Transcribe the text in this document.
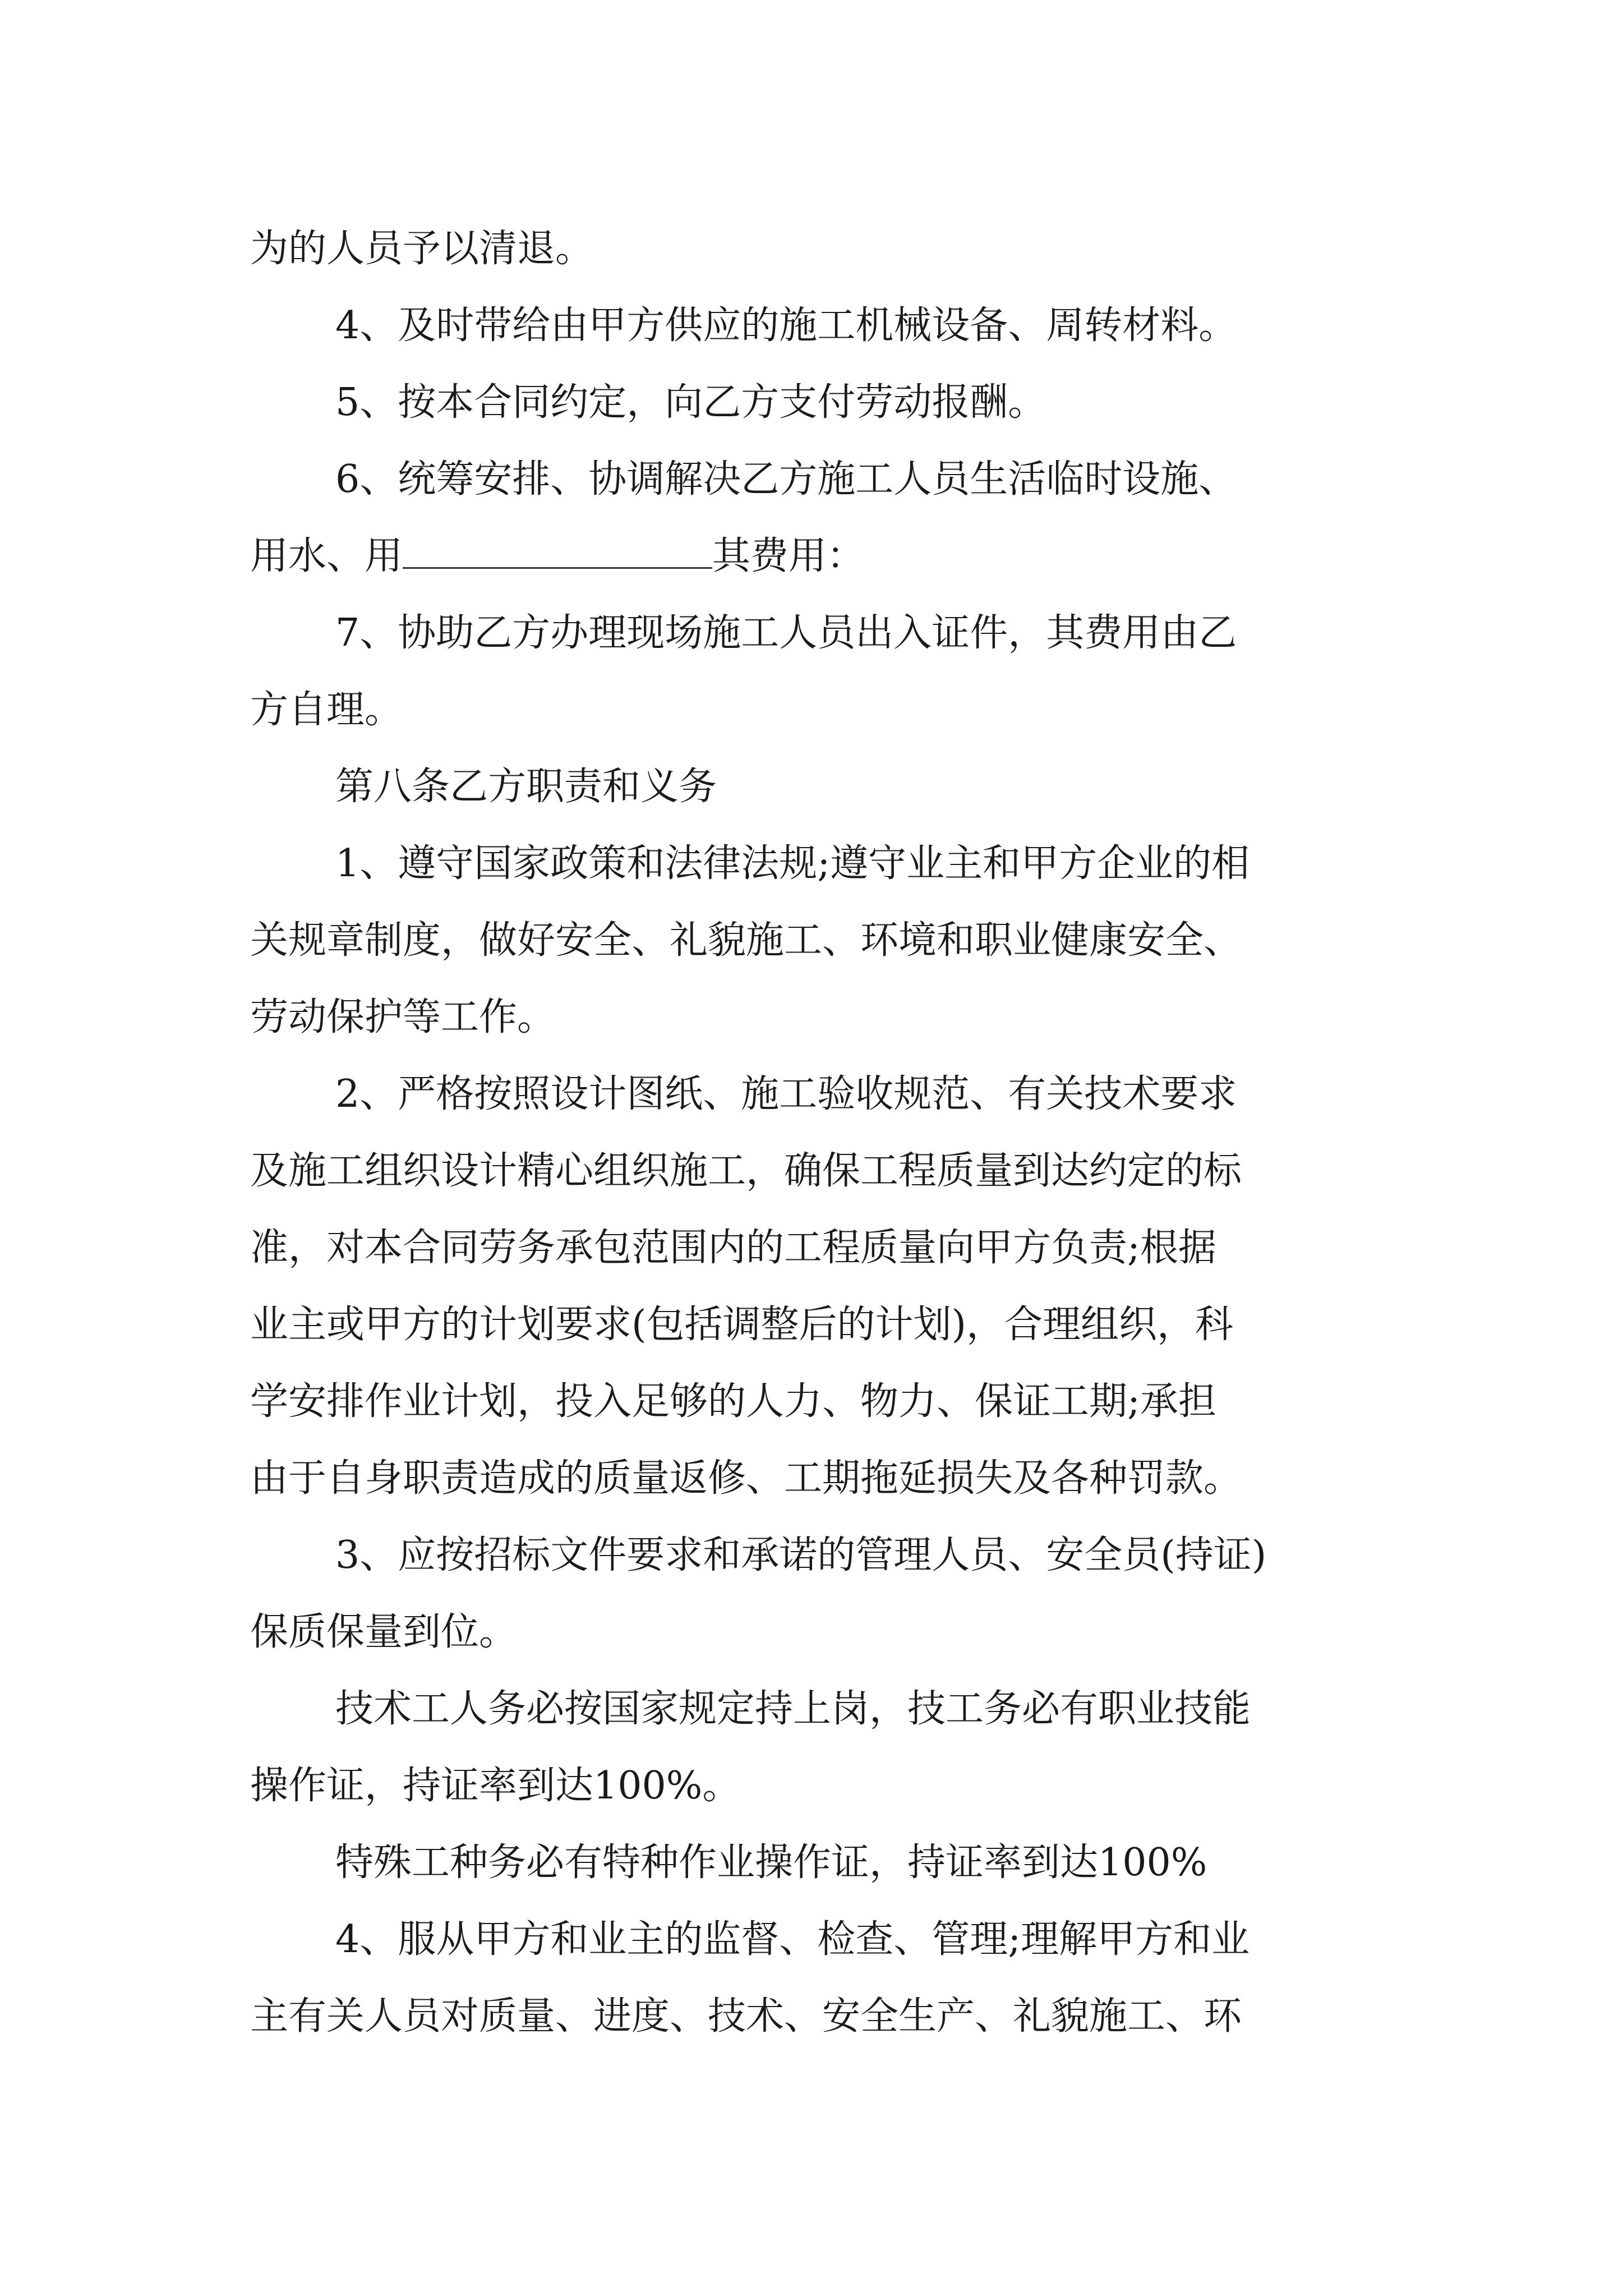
为的人员予以清退。

4、及时带给由甲方供应的施工机械设备、周转材料。

5、按本合同约定，向乙方支付劳动报酬。

6、统筹安排、协调解决乙方施工人员生活临时设施、
用水、用	其费用：

7、协助乙方办理现场施工人员出入证件，其费用由乙
方自理。

第八条乙方职责和义务

1、遵守国家政策和法律法规;遵守业主和甲方企业的相
关规章制度，做好安全、礼貌施工、环境和职业健康安全、
劳动保护等工作。

2、严格按照设计图纸、施工验收规范、有关技术要求
及施工组织设计精心组织施工，确保工程质量到达约定的标
准，对本合同劳务承包范围内的工程质量向甲方负责;根据
业主或甲方的计划要求(包括调整后的计划)，合理组织，科
学安排作业计划，投入足够的人力、物力、保证工期;承担
由于自身职责造成的质量返修、工期拖延损失及各种罚款。

3、应按招标文件要求和承诺的管理人员、安全员(持证)
保质保量到位。

技术工人务必按国家规定持上岗，技工务必有职业技能
操作证，持证率到达100%。

特殊工种务必有特种作业操作证，持证率到达100%

4、服从甲方和业主的监督、检查、管理;理解甲方和业
主有关人员对质量、进度、技术、安全生产、礼貌施工、环
